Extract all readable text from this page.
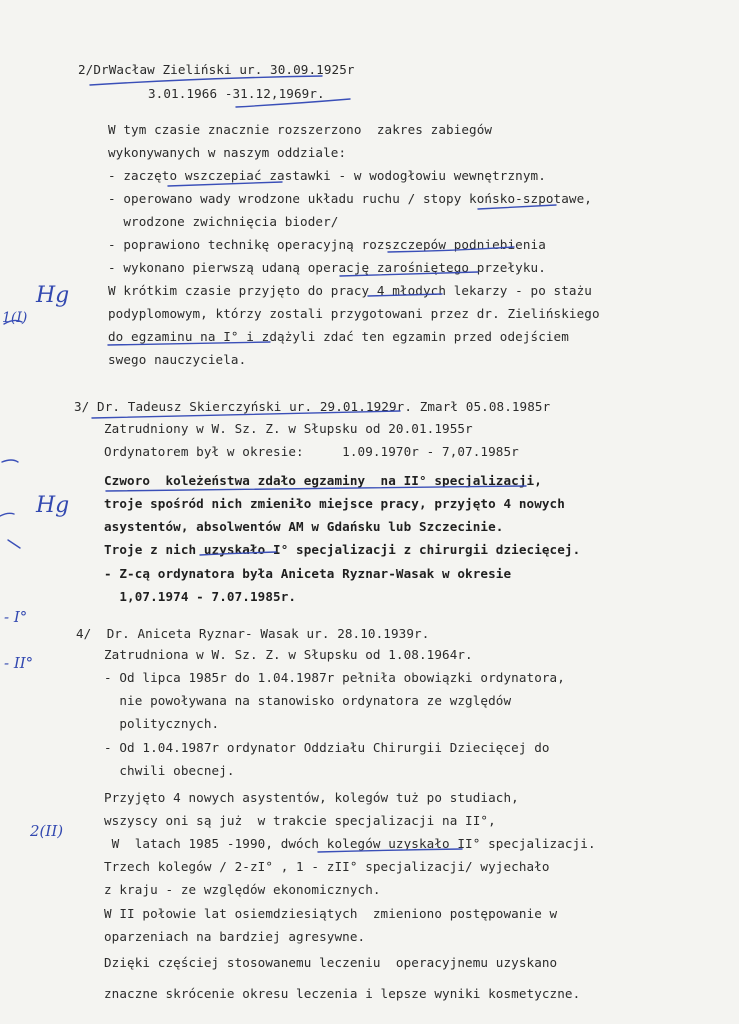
2/DrWacław Zieliński ur. 30.09.1925r
3.01.1966 -31.12,1969r.
W tym czasie znacznie rozszerzono  zakres zabiegów
wykonywanych w naszym oddziale:
- zaczęto wszczepiać zastawki - w wodogłowiu wewnętrznym.
- operowano wady wrodzone układu ruchu / stopy końsko-szpotawe,
wrodzone zwichnięcia bioder/
- poprawiono technikę operacyjną rozszczepów podniebienia
- wykonano pierwszą udaną operację zarośniętego przełyku.
W krótkim czasie przyjęto do pracy 4 młodych lekarzy - po stażu
podyplomowym, którzy zostali przygotowani przez dr. Zielińskiego
do egzaminu na I° i zdążyli zdać ten egzamin przed odejściem
swego nauczyciela.
3/ Dr. Tadeusz Skierczyński ur. 29.01.1929r. Zmarł 05.08.1985r
Zatrudniony w W. Sz. Z. w Słupsku od 20.01.1955r
Ordynatorem był w okresie:     1.09.1970r - 7,07.1985r
Czworo  koleżeństwa zdało egzaminy  na II° specjalizacji,
troje spośród nich zmieniło miejsce pracy, przyjęto 4 nowych
asystentów, absolwentów AM w Gdańsku lub Szczecinie.
Troje z nich uzyskało I° specjalizacji z chirurgii dziecięcej.
- Z-cą ordynatora była Aniceta Ryznar-Wasak w okresie
1,07.1974 - 7.07.1985r.
4/  Dr. Aniceta Ryznar- Wasak ur. 28.10.1939r.
Zatrudniona w W. Sz. Z. w Słupsku od 1.08.1964r.
- Od lipca 1985r do 1.04.1987r pełniła obowiązki ordynatora,
nie powoływana na stanowisko ordynatora ze względów
politycznych.
- Od 1.04.1987r ordynator Oddziału Chirurgii Dziecięcej do
chwili obecnej.
Przyjęto 4 nowych asystentów, kolegów tuż po studiach,
wszyscy oni są już  w trakcie specjalizacji na II°,
W  latach 1985 -1990, dwóch kolegów uzyskało II° specjalizacji.
Trzech kolegów / 2-zI° , 1 - zII° specjalizacji/ wyjechało
z kraju - ze względów ekonomicznych.
W II połowie lat osiemdziesiątych  zmieniono postępowanie w
oparzeniach na bardziej agresywne.
Dzięki częściej stosowanemu leczeniu  operacyjnemu uzyskano
znaczne skrócenie okresu leczenia i lepsze wyniki kosmetyczne.
Hg
1(I)
Hg
- I°
- II°
2(II)
